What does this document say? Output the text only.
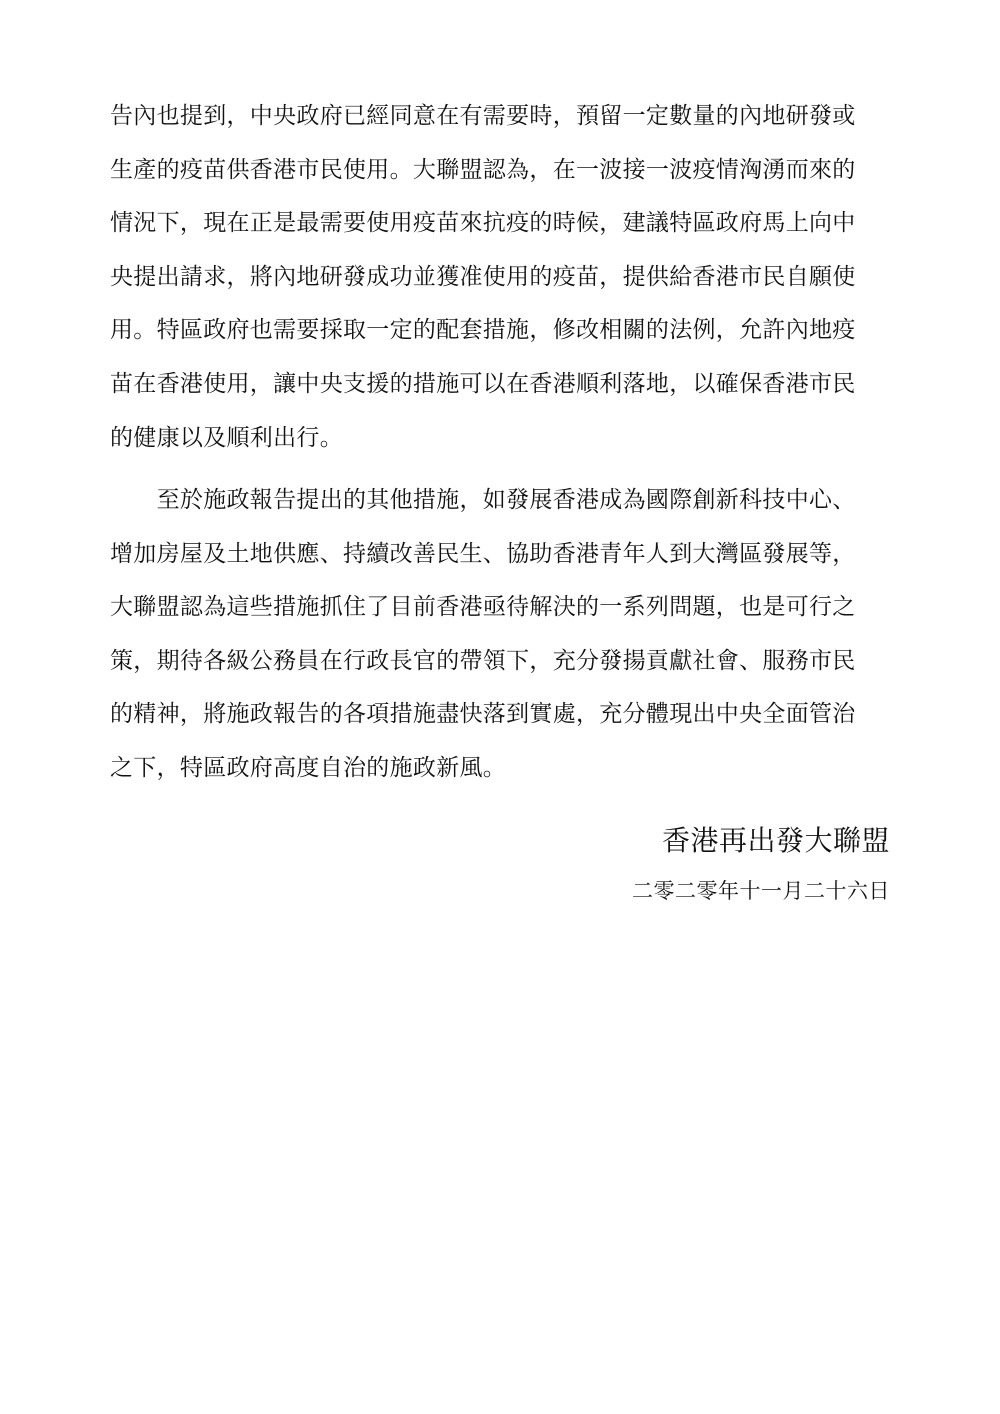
告內也提到，中央政府已經同意在有需要時，預留一定數量的內地研發或
生產的疫苗供香港市民使用。大聯盟認為，在一波接一波疫情洶湧而來的
情況下，現在正是最需要使用疫苗來抗疫的時候，建議特區政府馬上向中
央提出請求，將內地研發成功並獲准使用的疫苗，提供給香港市民自願使
用。特區政府也需要採取一定的配套措施，修改相關的法例，允許內地疫
苗在香港使用，讓中央支援的措施可以在香港順利落地，以確保香港市民
的健康以及順利出行。
　　至於施政報告提出的其他措施，如發展香港成為國際創新科技中心、
增加房屋及土地供應、持續改善民生、協助香港青年人到大灣區發展等，
大聯盟認為這些措施抓住了目前香港亟待解決的一系列問題，也是可行之
策，期待各級公務員在行政長官的帶領下，充分發揚貢獻社會、服務市民
的精神，將施政報告的各項措施盡快落到實處，充分體現出中央全面管治
之下，特區政府高度自治的施政新風。
香港再出發大聯盟
二零二零年十一月二十六日
